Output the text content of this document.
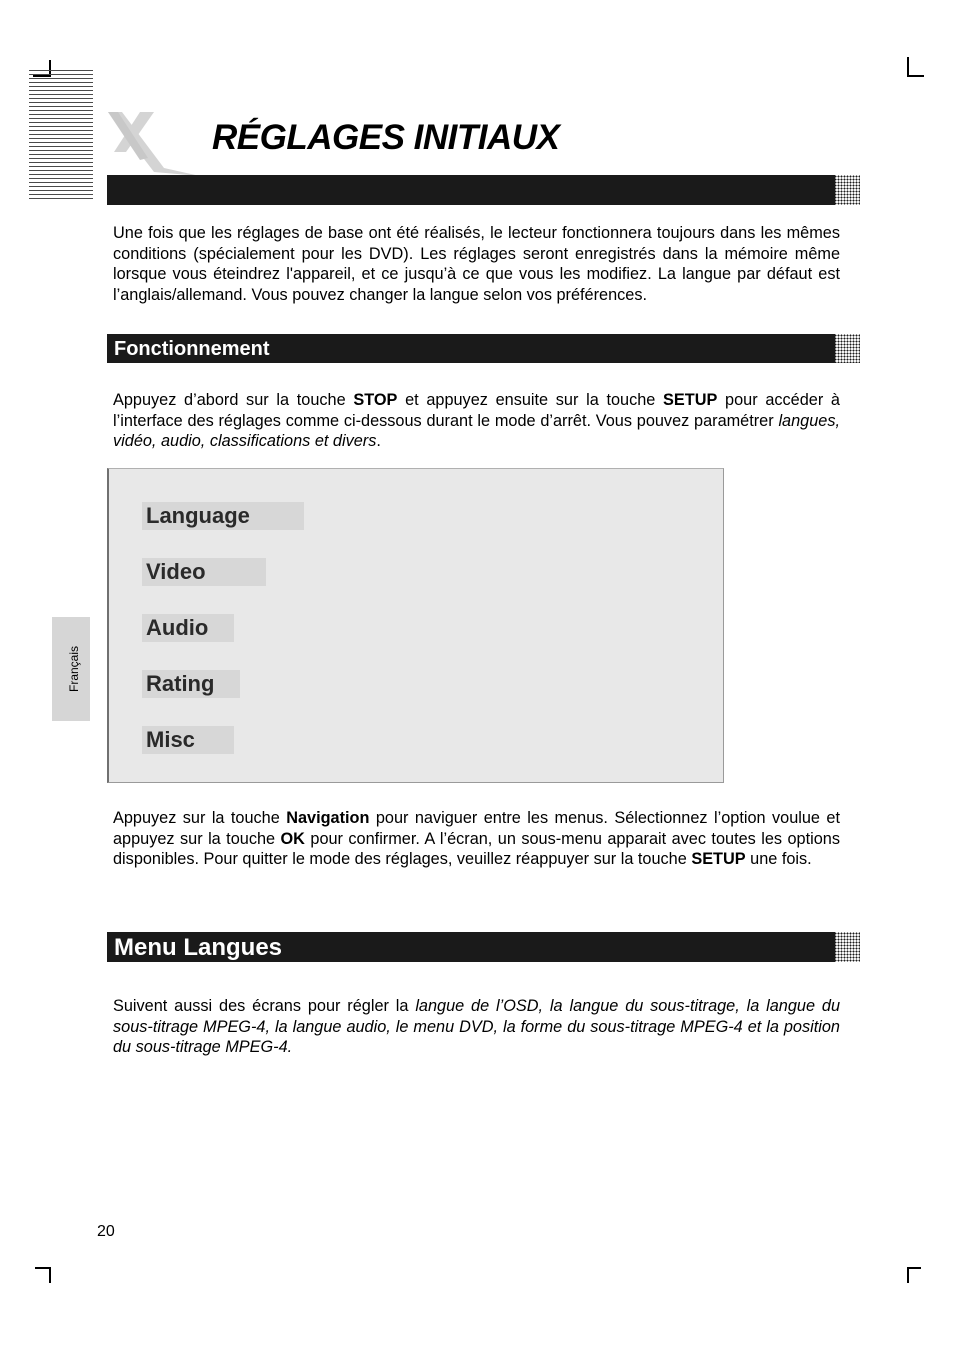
RÉGLAGES INITIAUX
Une fois que les réglages de base ont été réalisés, le lecteur fonctionnera toujours dans les mêmes conditions (spécialement pour les DVD). Les réglages seront enregistrés dans la mémoire même lorsque vous éteindrez l'appareil, et ce jusqu’à ce que vous les modifiez. La langue par défaut est l’anglais/allemand. Vous pouvez changer la langue selon vos préférences.
Fonctionnement
Appuyez d’abord sur la touche STOP et appuyez ensuite sur la touche SETUP pour accéder à l’interface des réglages comme ci-dessous durant le mode d’arrêt. Vous pouvez paramétrer langues, vidéo, audio, classifications et divers.
Language
Video
Audio
Rating
Misc
Appuyez sur la touche Navigation pour naviguer entre les menus. Sélectionnez l’option voulue et appuyez sur la touche OK pour confirmer. A l’écran, un sous-menu apparait avec toutes les options disponibles. Pour quitter le mode des réglages, veuillez réappuyer sur la touche SETUP une fois.
Menu Langues
Suivent aussi des écrans pour régler la langue de l’OSD, la langue du sous-titrage, la langue du sous-titrage MPEG-4, la langue audio, le menu DVD, la forme du sous-titrage MPEG-4 et la position du sous-titrage MPEG-4.
Français
20
